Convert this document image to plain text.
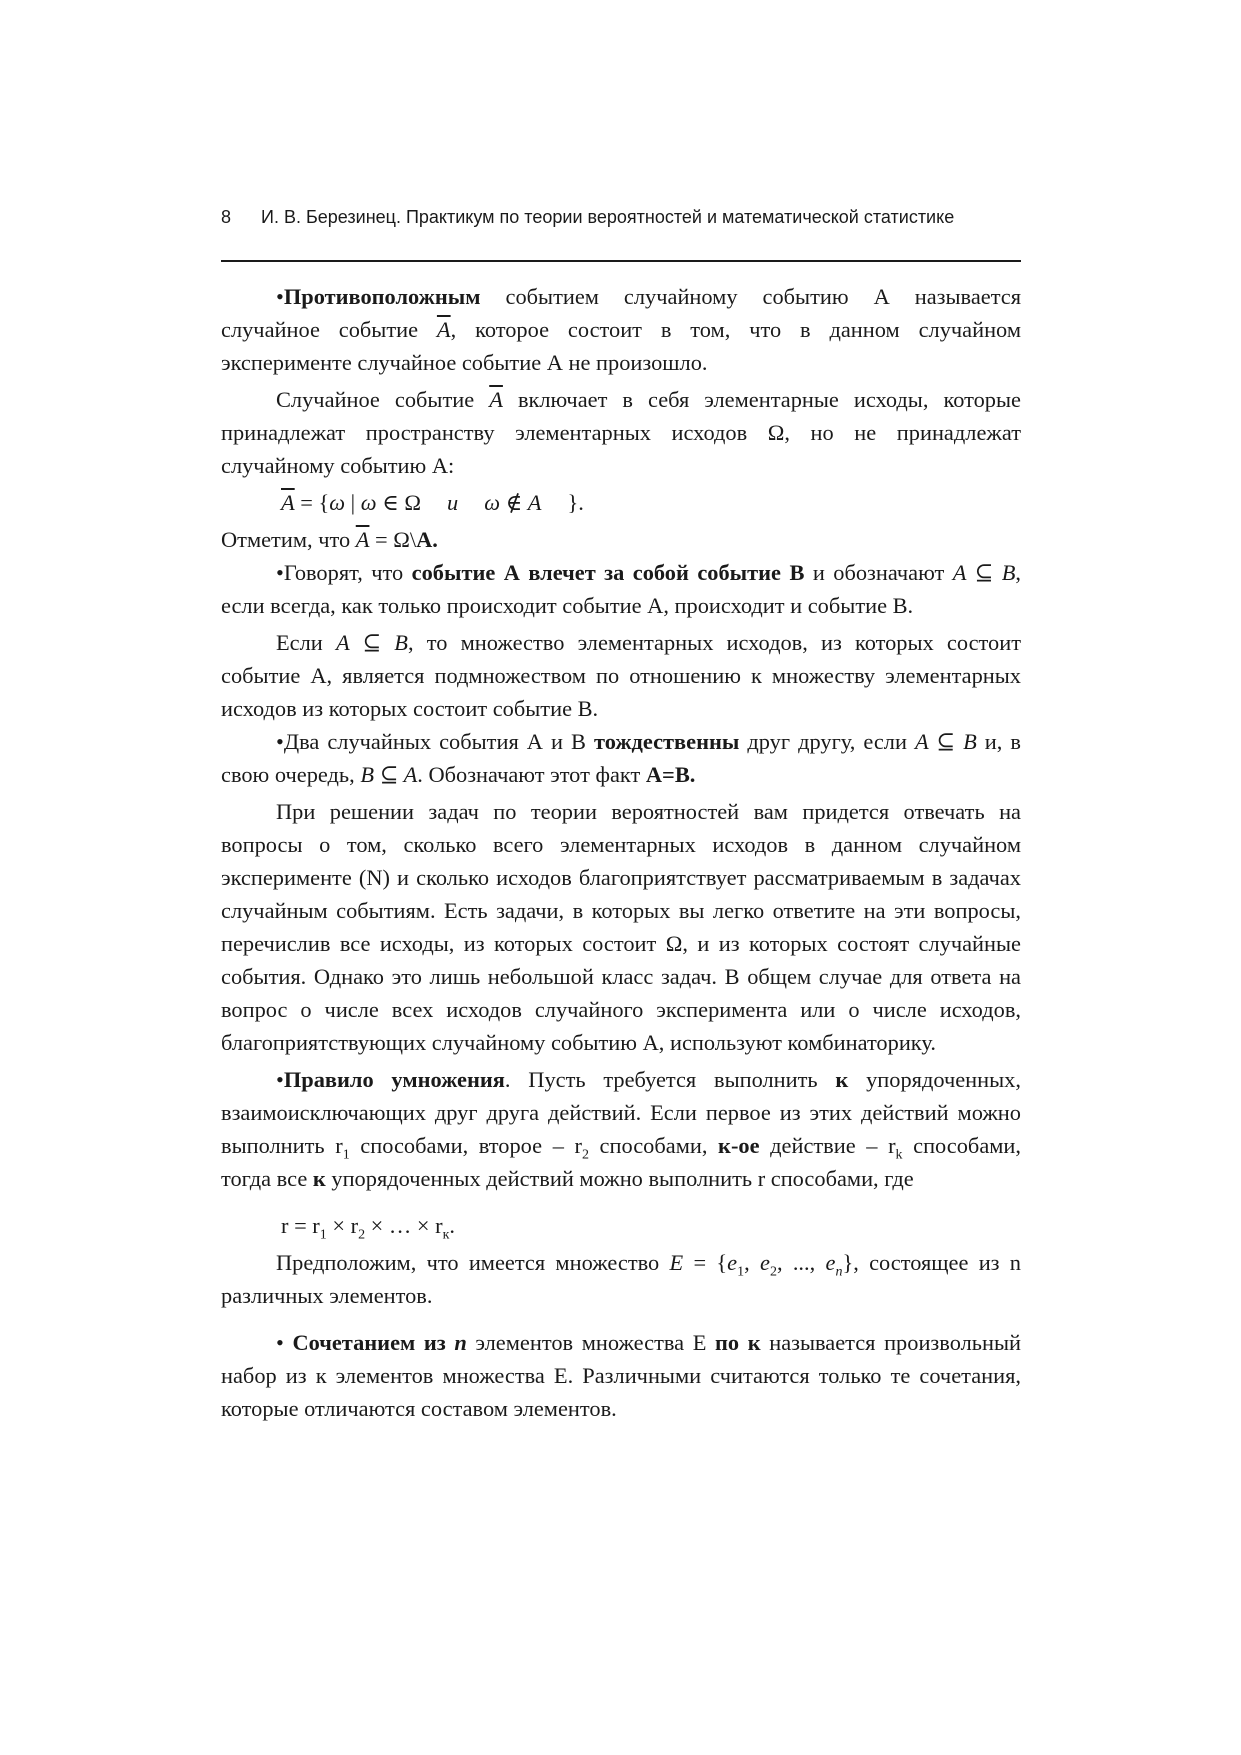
8 И. В. Березинец. Практикум по теории вероятностей и математической статистике

•Противоположным событием случайному событию А называется случайное событие $\overline{A}$, которое состоит в том, что в данном случайном эксперименте случайное событие А не произошло.

Случайное событие $\overline{A}$ включает в себя элементарные исходы, которые принадлежат пространству элементарных исходов Ω, но не принадлежат случайному событию А:

$\overline{A} = \{\omega$ | ω ∈ Ω и ω ∉ A }.

Отметим, что $\overline{A}$ = Ω\А.

•Говорят, что событие А влечет за собой событие В и обозначают A ⊆ B, если всегда, как только происходит событие А, происходит и событие В.

Если A ⊆ B, то множество элементарных исходов, из которых состоит событие А, является подмножеством по отношению к множеству элементарных исходов из которых состоит событие В.

•Два случайных события А и В тождественны друг другу, если A ⊆ B и, в свою очередь, B ⊆ A. Обозначают этот факт А=В.

При решении задач по теории вероятностей вам придется отвечать на вопросы о том, сколько всего элементарных исходов в данном случайном эксперименте (N) и сколько исходов благоприятствует рассматриваемым в задачах случайным событиям. Есть задачи, в которых вы легко ответите на эти вопросы, перечислив все исходы, из которых состоит Ω, и из которых состоят случайные события. Однако это лишь небольшой класс задач. В общем случае для ответа на вопрос о числе всех исходов случайного эксперимента или о числе исходов, благоприятствующих случайному событию А, используют комбинаторику.

•Правило умножения. Пусть требуется выполнить к упорядоченных, взаимоисключающих друг друга действий. Если первое из этих действий можно выполнить $r_1$ способами, второе – $r_2$ способами, к-ое действие – $r_k$ способами, тогда все к упорядоченных действий можно выполнить r способами, где

$r = r_1 \times r_2$ × … × $r_к$.

Предположим, что имеется множество $E = \{e_1$, $e_2$, ..., $e_n$}, состоящее из n различных элементов.

• Сочетанием из n элементов множества Е по к называется произвольный набор из к элементов множества Е. Различными считаются только те сочетания, которые отличаются составом элементов.
